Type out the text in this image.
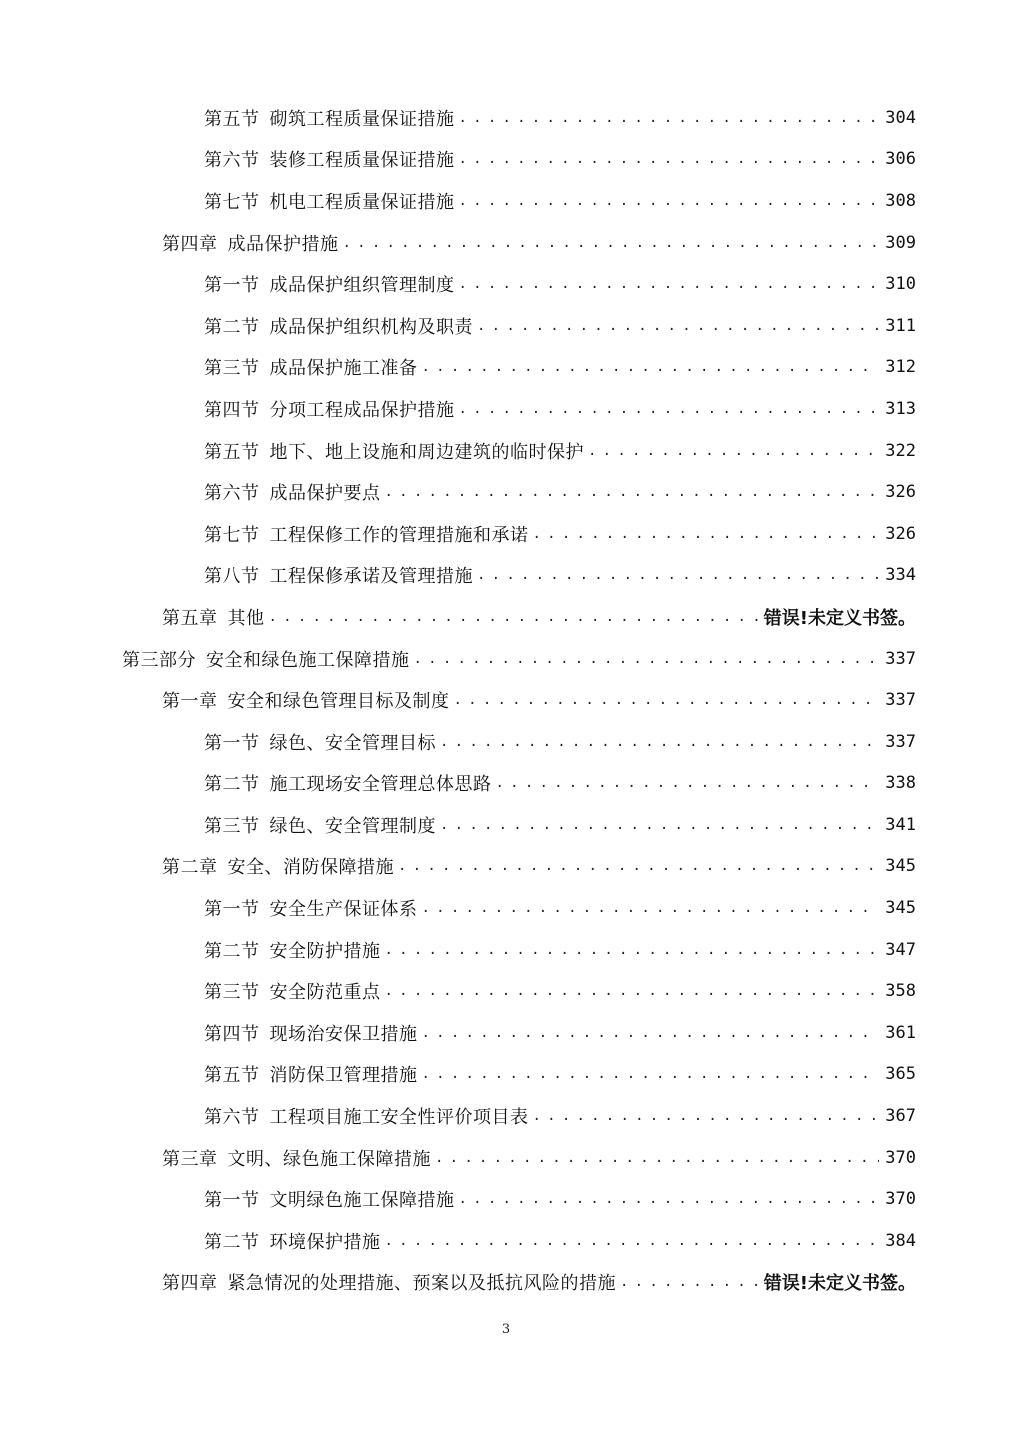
第五节 砌筑工程质量保证措施 . . .	304
第六节 装修工程质量保证措施 . . .	306
第七节 机电工程质量保证措施 . . .	308
第四章 成品保护措施 . . .	309
第一节 成品保护组织管理制度 . . .	310
第二节 成品保护组织机构及职责 . . .	311
第三节 成品保护施工准备 . . .	312
第四节 分项工程成品保护措施 . . .	313
第五节 地下、地上设施和周边建筑的临时保护 . . .	322
第六节 成品保护要点 . . .	326
第七节 工程保修工作的管理措施和承诺 . . .	326
第八节 工程保修承诺及管理措施 . . .	334
第五章 其他 . . .	错误!未定义书签。
第三部分 安全和绿色施工保障措施 . . .	337
第一章 安全和绿色管理目标及制度 . . .	337
第一节 绿色、安全管理目标 . . .	337
第二节 施工现场安全管理总体思路 . . .	338
第三节 绿色、安全管理制度 . . .	341
第二章 安全、消防保障措施 . . .	345
第一节 安全生产保证体系 . . .	345
第二节 安全防护措施 . . .	347
第三节 安全防范重点 . . .	358
第四节 现场治安保卫措施 . . .	361
第五节 消防保卫管理措施 . . .	365
第六节 工程项目施工安全性评价项目表 . . .	367
第三章 文明、绿色施工保障措施 . . .	370
第一节 文明绿色施工保障措施 . . .	370
第二节 环境保护措施 . . .	384
第四章 紧急情况的处理措施、预案以及抵抗风险的措施 . . .	错误!未定义书签。
3
